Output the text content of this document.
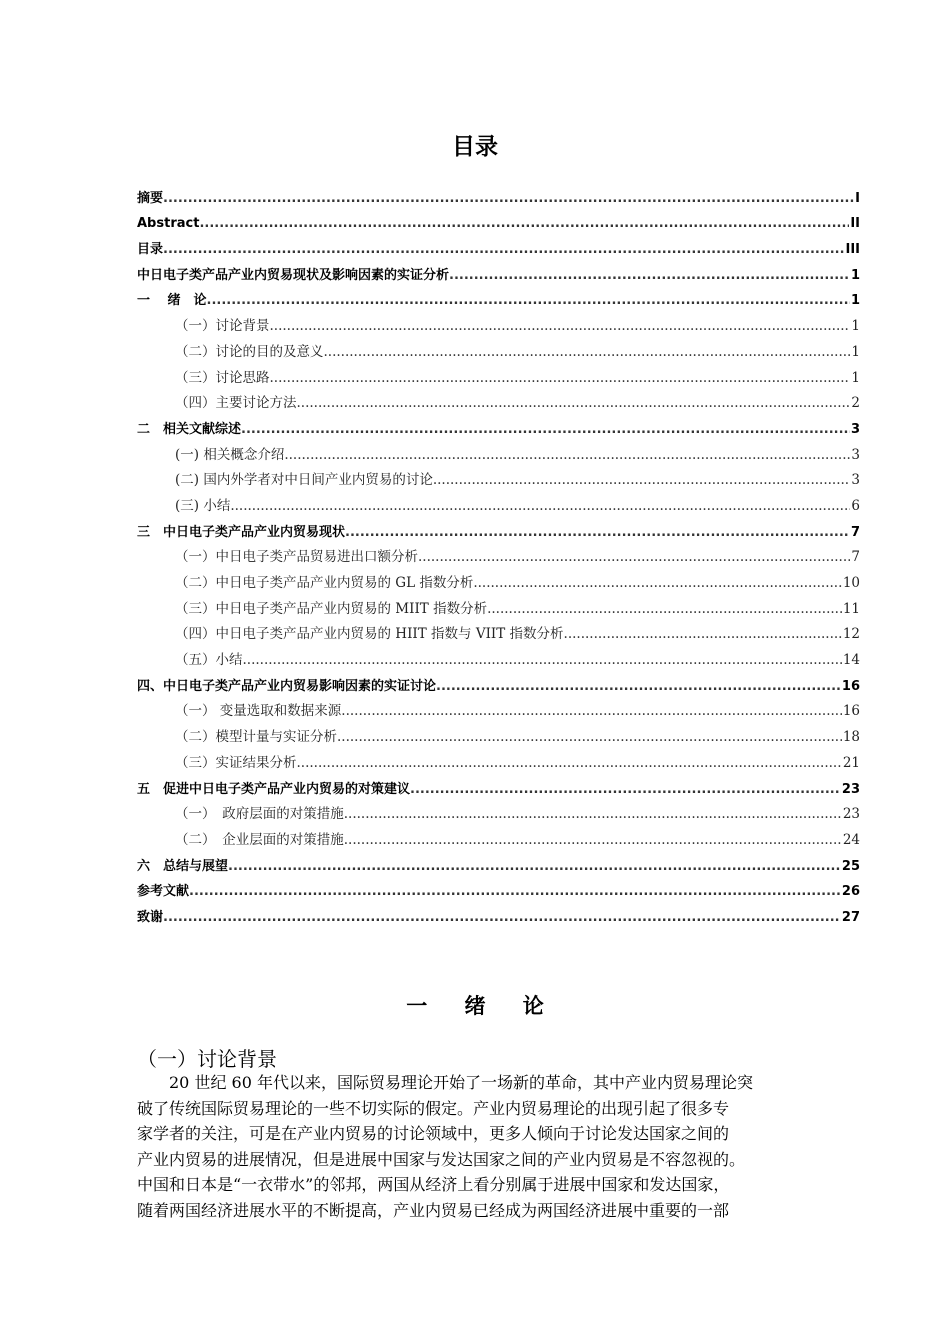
目录
摘要 .....	I
Abstract .....	II
目录 .....	III
中日电子类产品产业内贸易现状及影响因素的实证分析 .....	1
一　 绪　论 .....	1
（一）讨论背景 .....	1
（二）讨论的目的及意义 .....	1
（三）讨论思路 .....	1
（四）主要讨论方法 .....	2
二　相关文献综述 .....	3
(一) 相关概念介绍 .....	3
(二) 国内外学者对中日间产业内贸易的讨论 .....	3
(三) 小结 .....	6
三　中日电子类产品产业内贸易现状 .....	7
（一）中日电子类产品贸易进出口额分析 .....	7
（二）中日电子类产品产业内贸易的 GL 指数分析 .....	10
（三）中日电子类产品产业内贸易的 MIIT 指数分析 .....	11
（四）中日电子类产品产业内贸易的 HIIT 指数与 VIIT 指数分析 .....	12
（五）小结 .....	14
四、中日电子类产品产业内贸易影响因素的实证讨论 .....	16
（一） 变量选取和数据来源 .....	16
（二）模型计量与实证分析 .....	18
（三）实证结果分析 .....	21
五　促进中日电子类产品产业内贸易的对策建议 .....	23
（一）　政府层面的对策措施 .....	23
（二）　企业层面的对策措施 .....	24
六　总结与展望 .....	25
参考文献 .....	26
致谢 .....	27
一 绪 论
（一）讨论背景
　　20 世纪 60 年代以来，国际贸易理论开始了一场新的革命，其中产业内贸易理论突
破了传统国际贸易理论的一些不切实际的假定。产业内贸易理论的出现引起了很多专
家学者的关注，可是在产业内贸易的讨论领域中，更多人倾向于讨论发达国家之间的
产业内贸易的进展情况，但是进展中国家与发达国家之间的产业内贸易是不容忽视的。
中国和日本是“一衣带水”的邻邦，两国从经济上看分别属于进展中国家和发达国家，
随着两国经济进展水平的不断提高，产业内贸易已经成为两国经济进展中重要的一部
